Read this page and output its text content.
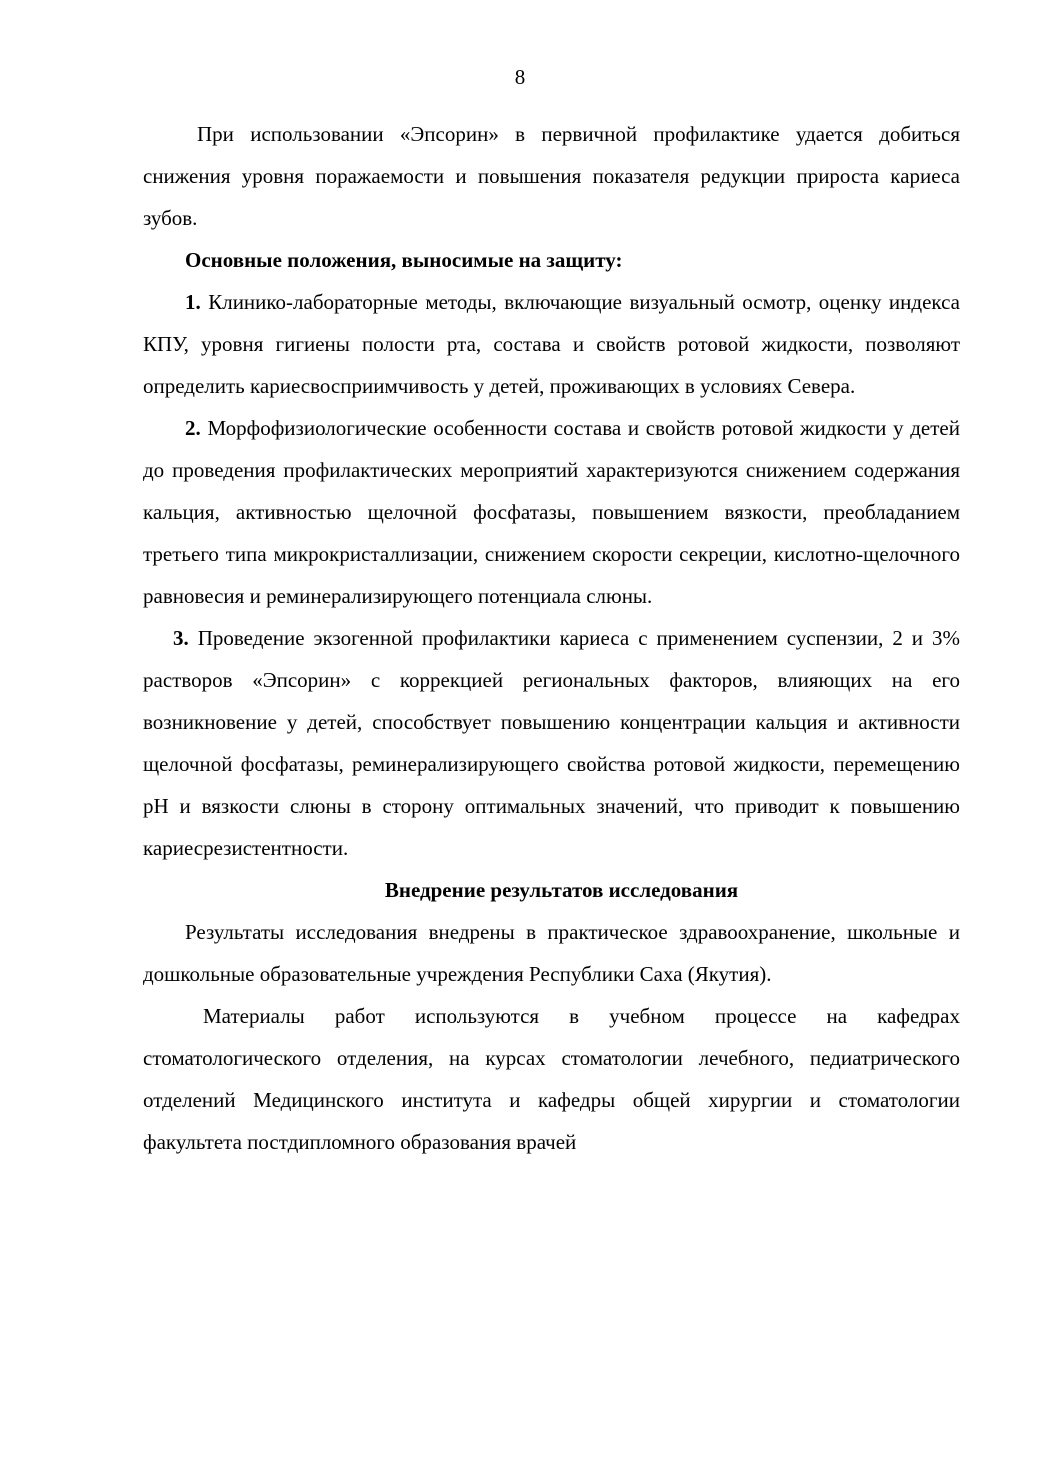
8

При использовании «Эпсорин» в первичной профилактике удается добиться снижения уровня поражаемости и повышения показателя редукции прироста кариеса зубов.

Основные положения, выносимые на защиту:

1. Клинико-лабораторные методы, включающие визуальный осмотр, оценку индекса КПУ, уровня гигиены полости рта, состава и свойств ротовой жидкости, позволяют определить кариесвосприимчивость у детей, проживающих в условиях Севера.

2. Морфофизиологические особенности состава и свойств ротовой жидкости у детей до проведения профилактических мероприятий характеризуются снижением содержания кальция, активностью щелочной фосфатазы, повышением вязкости, преобладанием третьего типа микрокристаллизации, снижением скорости секреции, кислотно-щелочного равновесия и реминерализирующего потенциала слюны.

3. Проведение экзогенной профилактики кариеса с применением суспензии, 2 и 3% растворов «Эпсорин» с коррекцией региональных факторов, влияющих на его возникновение у детей, способствует повышению концентрации кальция и активности щелочной фосфатазы, реминерализирующего свойства ротовой жидкости, перемещению рН и вязкости слюны в сторону оптимальных значений, что приводит к повышению кариесрезистентности.

Внедрение результатов исследования

Результаты исследования внедрены в практическое здравоохранение, школьные и дошкольные образовательные учреждения Республики Саха (Якутия).

Материалы работ используются в учебном процессе на кафедрах стоматологического отделения, на курсах стоматологии лечебного, педиатрического отделений Медицинского института и кафедры общей хирургии и стоматологии факультета постдипломного образования врачей
